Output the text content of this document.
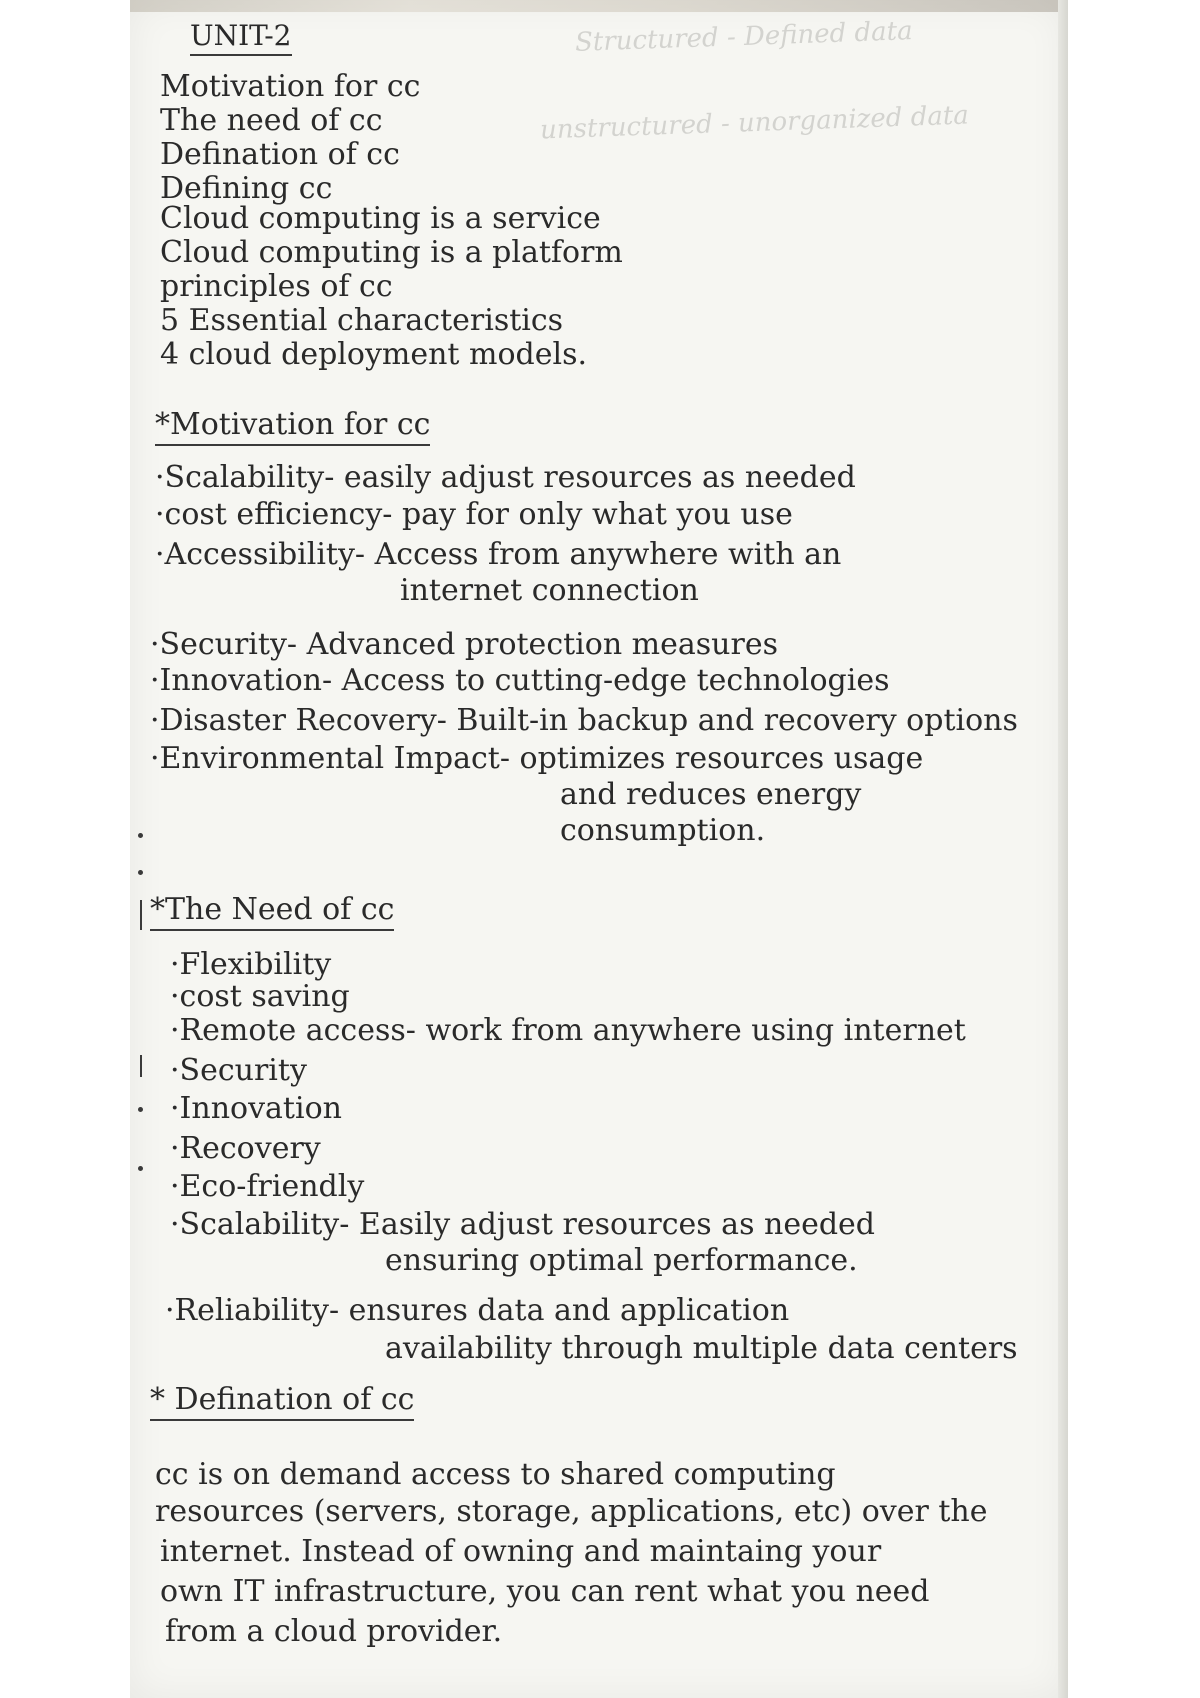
Structured - Defined data
unstructured - unorganized data
UNIT-2
Motivation for cc
The need of cc
Defination of cc
Defining cc
Cloud computing is a service
Cloud computing is a platform
principles of cc
5 Essential characteristics
4 cloud deployment models.
*Motivation for cc
·Scalability- easily adjust resources as needed
·cost efficiency- pay for only what you use
·Accessibility- Access from anywhere with an
internet connection
·Security- Advanced protection measures
·Innovation- Access to cutting-edge technologies
·Disaster Recovery- Built-in backup and recovery options
·Environmental Impact- optimizes resources usage
and reduces energy
consumption.
*The Need of cc
·Flexibility
·cost saving
·Remote access- work from anywhere using internet
·Security
·Innovation
·Recovery
·Eco-friendly
·Scalability- Easily adjust resources as needed
ensuring optimal performance.
·Reliability- ensures data and application
availability through multiple data centers
* Defination of cc
cc is on demand access to shared computing
resources (servers, storage, applications, etc) over the
internet. Instead of owning and maintaing your
own IT infrastructure, you can rent what you need
from a cloud provider.
